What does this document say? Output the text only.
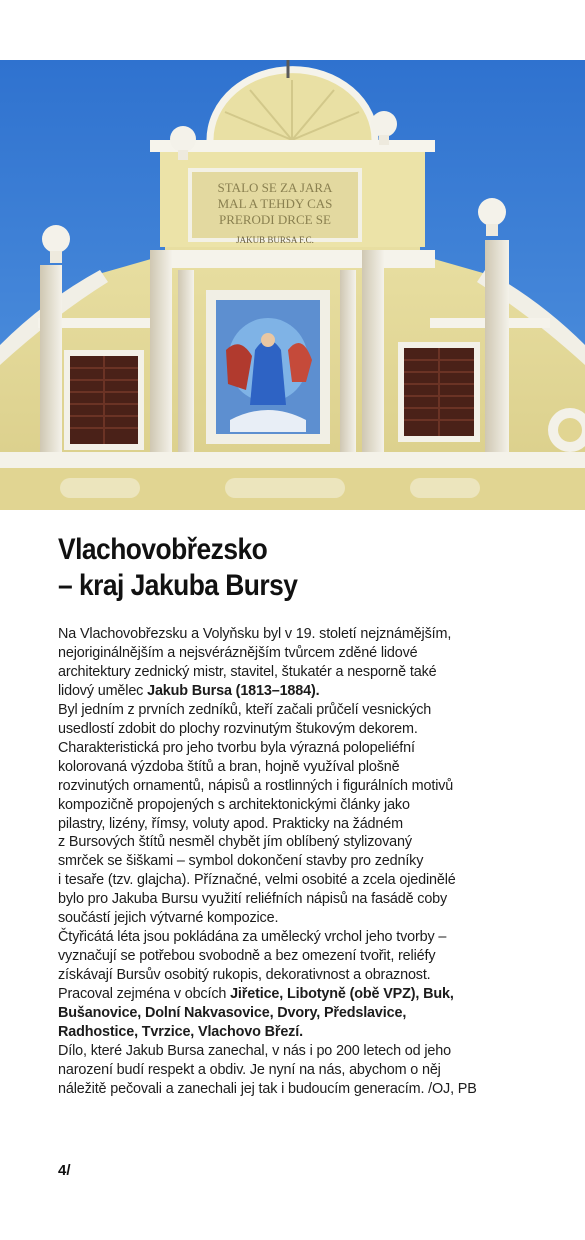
STALO SE ZA JARA
MAL A TEHDY CAS
PRERODI DRCE SE
JAKUB BURSA F.C.
Vlachovobřezsko
– kraj Jakuba Bursy

Na Vlachovobřezsku a Volyňsku byl v 19. století nejznámějším,
nejoriginálnějším a nejsvéráznějším tvůrcem zděné lidové
architektury zednický mistr, stavitel, štukatér a nesporně také
lidový umělec Jakub Bursa (1813–1884).

Byl jedním z prvních zedníků, kteří začali průčelí vesnických
usedlostí zdobit do plochy rozvinutým štukovým dekorem.
Charakteristická pro jeho tvorbu byla výrazná polореliéfní
kolorovaná výzdoba štítů a bran, hojně využíval plošně
rozvinutých ornamentů, nápisů a rostlinných i figurálních motivů
kompozičně propojených s architektonickými články jako
pilastry, lizény, římsy, voluty apod. Prakticky na žádném
z Bursových štítů nesměl chybět jím oblíbený stylizovaný
smrček se šiškami – symbol dokončení stavby pro zedníky
i tesaře (tzv. glajcha). Příznačné, velmi osobité a zcela ojedinělé
bylo pro Jakuba Bursu využití reliéfních nápisů na fasádě coby
součástí jejich výtvarné kompozice.

Čtyřicátá léta jsou pokládána za umělecký vrchol jeho tvorby –
vyznačují se potřebou svobodně a bez omezení tvořit, reliéfy
získávají Bursův osobitý rukopis, dekorativnost a obraznost.
Pracoval zejména v obcích Jiřetice, Libotyně (obě VPZ), Buk,
Bušanovice, Dolní Nakvasovice, Dvory, Předslavice,
Radhostice, Tvrzice, Vlachovo Březí.

Dílo, které Jakub Bursa zanechal, v nás i po 200 letech od jeho
narození budí respekt a obdiv. Je nyní na nás, abychom o něj
náležitě pečovali a zanechali jej tak i budoucím generacím. /OJ, PB

4/
